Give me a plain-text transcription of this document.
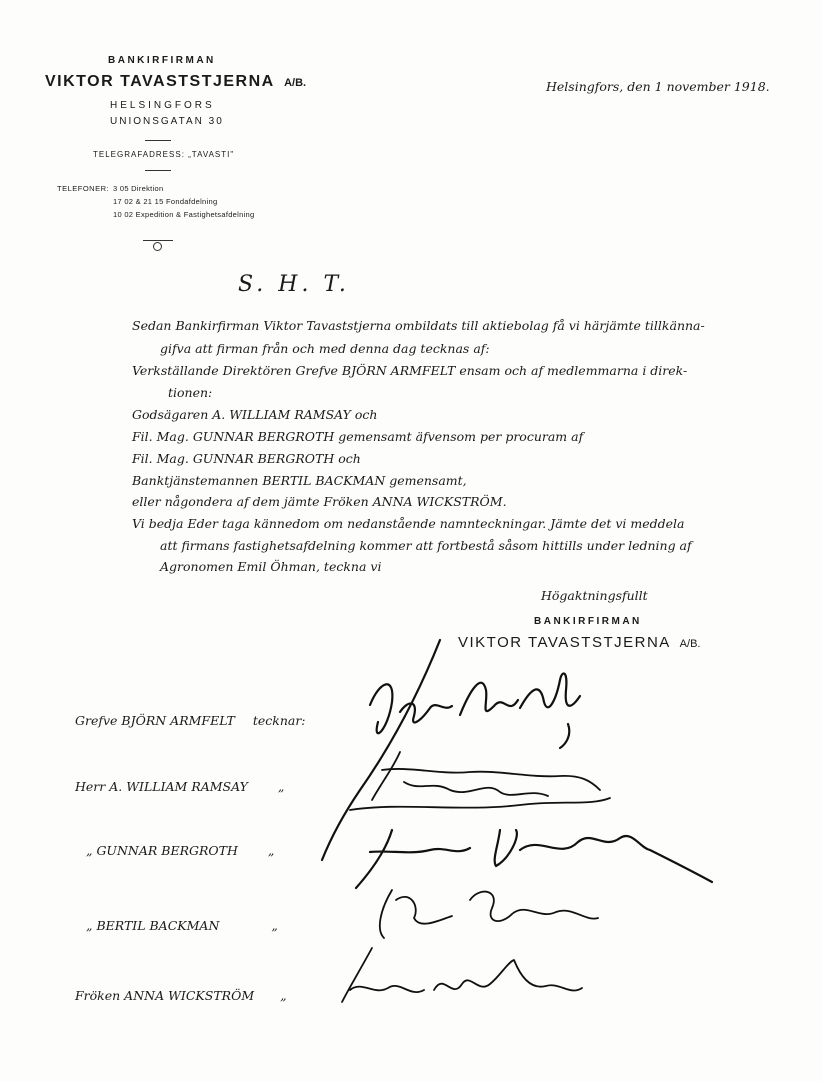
BANKIRFIRMAN
VIKTOR TAVASTSTJERNA A/B.
HELSINGFORS
UNIONSGATAN 30
TELEGRAFADRESS: „TAVASTI"
TELEFONER: 3 05 Direktion
17 02 & 21 15 Fondafdelning
10 02 Expedition & Fastighetsafdelning
Helsingfors, den 1 november 1918.
S. H. T.
Sedan Bankirfirman Viktor Tavaststjerna ombildats till aktiebolag få vi härjämte tillkänna-
gifva att firman från och med denna dag tecknas af:
Verkställande Direktören Grefve BJÖRN ARMFELT ensam och af medlemmarna i direk-
tionen:
Godsägaren A. WILLIAM RAMSAY och
Fil. Mag. GUNNAR BERGROTH gemensamt äfvensom per procuram af
Fil. Mag. GUNNAR BERGROTH och
Banktjänstemannen BERTIL BACKMAN gemensamt,
eller någondera af dem jämte Fröken ANNA WICKSTRÖM.
Vi bedja Eder taga kännedom om nedanstående namnteckningar. Jämte det vi meddela
att firmans fastighetsafdelning kommer att fortbestå såsom hittills under ledning af
Agronomen Emil Öhman, teckna vi
Högaktningsfullt
BANKIRFIRMAN
VIKTOR TAVASTSTJERNA A/B.
Grefve BJÖRN ARMFELT tecknar:
Herr A. WILLIAM RAMSAY „
„ GUNNAR BERGROTH „
„ BERTIL BACKMAN	„
Fröken ANNA WICKSTRÖM „
